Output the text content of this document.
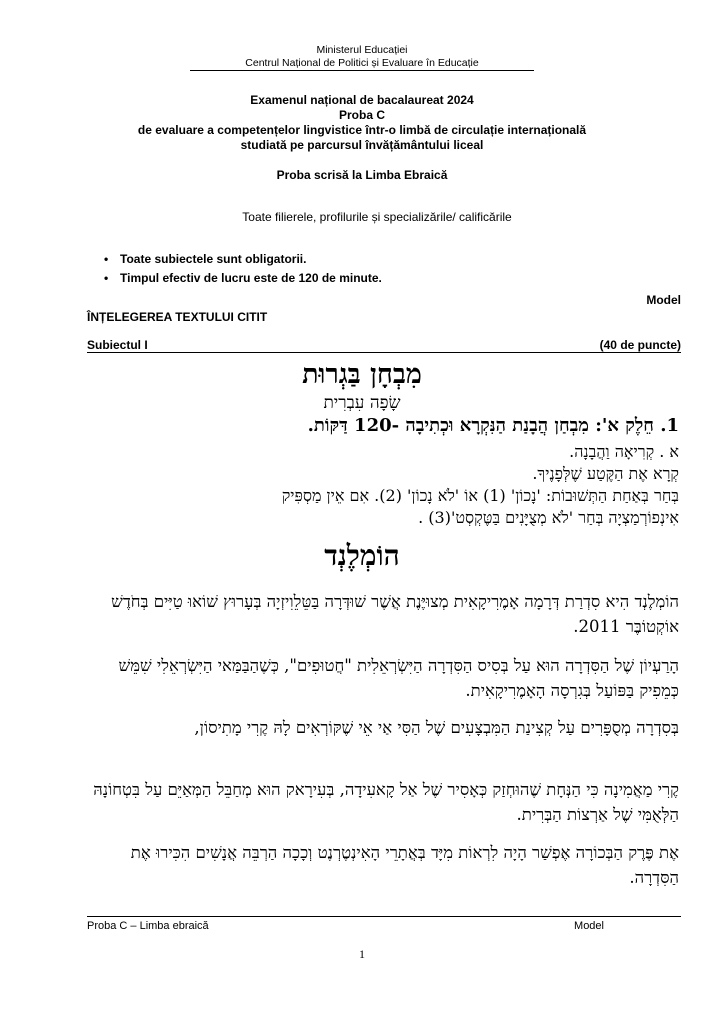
Ministerul Educației
Centrul Național de Politici și Evaluare în Educație
Examenul național de bacalaureat 2024
Proba C
de evaluare a competențelor lingvistice într-o limbă de circulație internațională
studiată pe parcursul învățământului liceal
Proba scrisă la Limba Ebraică
Toate filierele, profilurile și specializările/ calificările
• Toate subiectele sunt obligatorii.
• Timpul efectiv de lucru este de 120 de minute.
Model
ÎNȚELEGEREA TEXTULUI CITIT
Subiectul I	(40 de puncte)
מִבְחָן בַּגְרוּת
שָׂפָה עִבְרִית
1. חֵלֶק א': מִבְחַן הֲבָנַת הַנִּקְרָא וּכְתִיבָה -120 דַּקּוֹת.
א . קְרִיאָה וַהֲבָנָה.
קְרָא אֶת הַקֶּטַע שֶׁלְּפָנֶיךָ.
בְּחַר בְּאַחַת הַתְּשׁוּבוֹת: 'נָכוֹן' (1) אוֹ 'לֹא נָכוֹן' (2). אִם אֵין מַסְפִּיק
אִינְפוֹרְמַצְיָה בְּחַר 'לֹא מְצֻיָּנִים בַּטֶּקְסְט'(3) .
הוֹמְלֶנְד
הוֹמְלֶנְד הִיא סִדְרַת דְּרָמָה אָמֶרִיקָאִית מְצוּיֶּנֶת אֲשֶׁר שׁוּדְּרָה בַּטֵּלֵוִיזְיָה בְּעָרוּץ שׁוֹאוּ טַיִּים בְּחֹדֶשׁ אוֹקְטוֹבֶּר 2011.
הָרַעְיוֹן שֶׁל הַסִּדְרָה הוּא עַל בְּסִיס הַסִּדְרָה הַיִּשְׂרְאֵלִית "חֲטוּפִים", כְּשֶׁהַבַּמַּאי הַיִּשְׂרְאֵלִי שִׁמֵּשׁ כְּמֵפִיק בַּפּוֹעַל בְּגִרְסָה הָאָמֶרִיקָאִית.
בְּסִדְרָה מְסֻפָּרִים עַל קְצִינַת הַמִּבְצָעִים שֶׁל הַסִּי אַי אֵי שֶׁקּוֹרְאִים לָהּ קֶרִי מָתִיסוֹן,
קֶרִי מַאֲמִינָה כִּי הַנְּחָת שֶׁהוּחְזַק כְּאָסִיר שֶׁל אַל קָאעִידָה, בְּעִירָאק הוּא מְחַבֵּל הַמְּאַיֵּם עַל בִּטְחוֹנָהּ הַלְּאֻמִּי שֶׁל אַרְצוֹת הַבְּרִית.
אֶת פֶּרֶק הַבְּכוֹרָה אֶפְשַׁר הָיָה לִרְאוֹת מִיָּד בְּאֲתָרֵי הָאִינְטֶרְנֶט וְכָכָה הַרְבֵּה אֲנָשִׁים הִכִּירוּ אֶת הַסִּדְרָה.
Proba C – Limba ebraică	Model
1
